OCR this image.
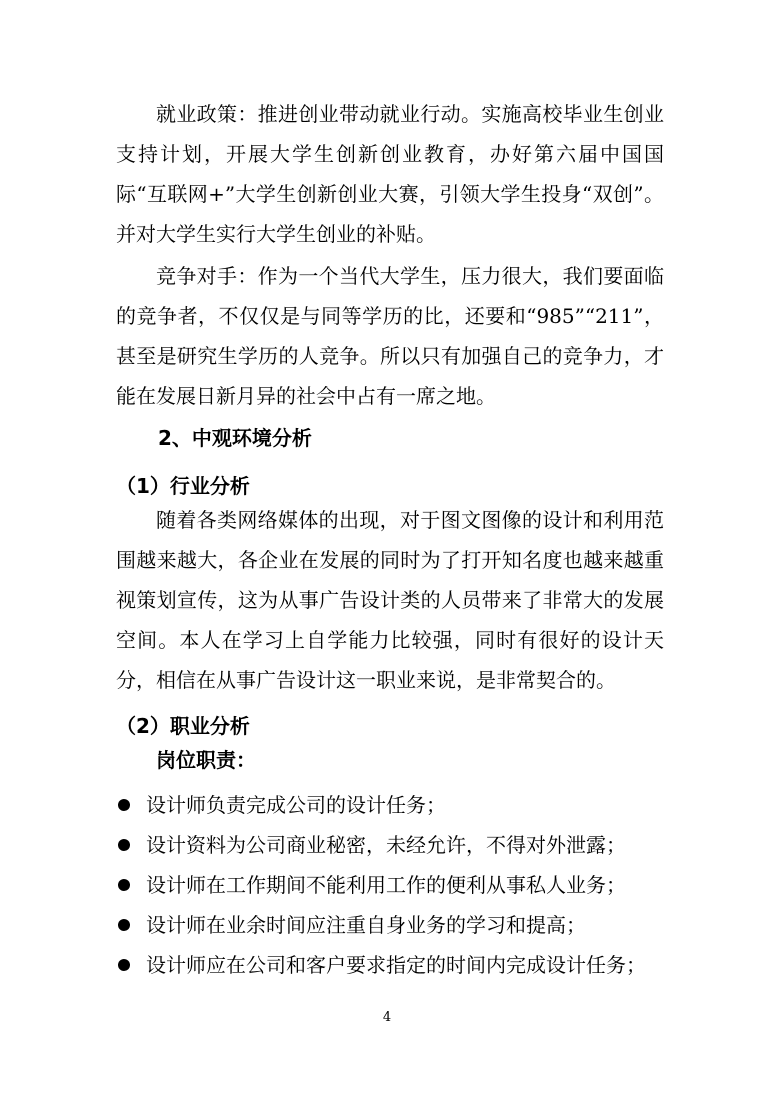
就业政策：推进创业带动就业行动。实施高校毕业生创业支持计划，开展大学生创新创业教育，办好第六届中国国际“互联网+”大学生创新创业大赛，引领大学生投身“双创”。并对大学生实行大学生创业的补贴。

竞争对手：作为一个当代大学生，压力很大，我们要面临的竞争者，不仅仅是与同等学历的比，还要和“985”“211”，甚至是研究生学历的人竞争。所以只有加强自己的竞争力，才能在发展日新月异的社会中占有一席之地。

2、中观环境分析
（1）行业分析

随着各类网络媒体的出现，对于图文图像的设计和利用范围越来越大，各企业在发展的同时为了打开知名度也越来越重视策划宣传，这为从事广告设计类的人员带来了非常大的发展空间。本人在学习上自学能力比较强，同时有很好的设计天分，相信在从事广告设计这一职业来说，是非常契合的。

（2）职业分析
岗位职责：
设计师负责完成公司的设计任务；
设计资料为公司商业秘密，未经允许，不得对外泄露；
设计师在工作期间不能利用工作的便利从事私人业务；
设计师在业余时间应注重自身业务的学习和提高；
设计师应在公司和客户要求指定的时间内完成设计任务；
4
